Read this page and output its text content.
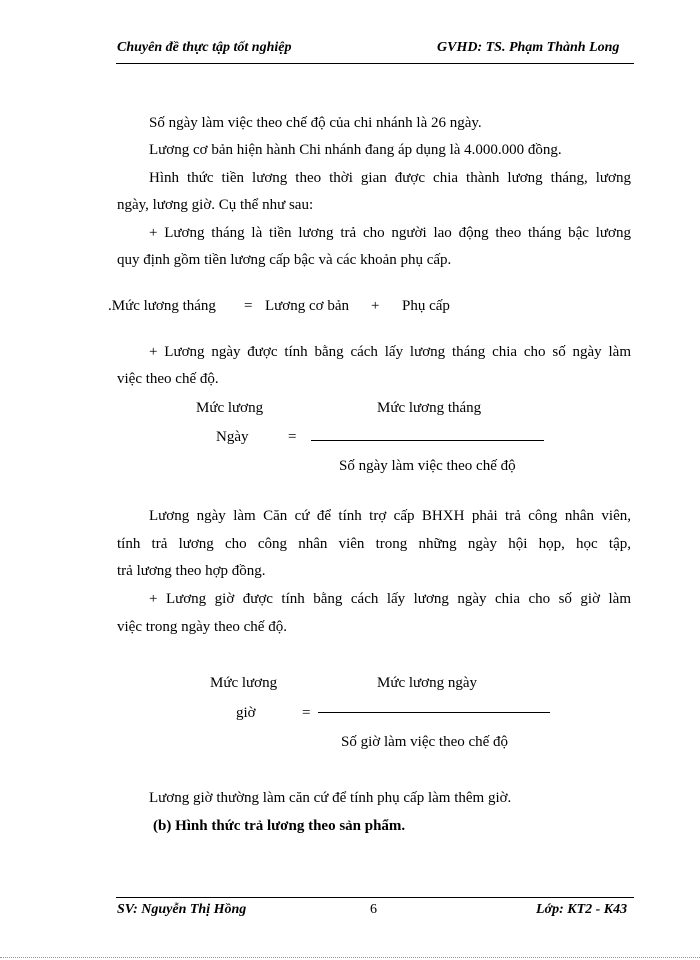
Chuyên đề thực tập tốt nghiệp	GVHD: TS. Phạm Thành Long
Số ngày làm việc theo chế độ của chi nhánh là 26 ngày.
Lương cơ bản hiện hành Chi nhánh đang áp dụng là 4.000.000 đồng.
Hình thức tiền lương theo thời gian được chia thành lương tháng, lương
ngày, lương giờ. Cụ thể như sau:
+ Lương tháng là tiền lương trả cho người lao động theo tháng bậc lương
quy định gồm tiền lương cấp bậc và các khoản phụ cấp.
.Mức lương tháng = Lương cơ bản + Phụ cấp
+ Lương ngày được tính bằng cách lấy lương tháng chia cho số ngày làm
việc theo chế độ.
Mức lương	Mức lương tháng
Ngày	=
Số ngày làm việc theo chế độ
Lương ngày làm Căn cứ để tính trợ cấp BHXH phải trả công nhân viên,
tính trả lương cho công nhân viên trong những ngày hội họp, học tập,
trả lương theo hợp đồng.
+ Lương giờ được tính bằng cách lấy lương ngày chia cho số giờ làm
việc trong ngày theo chế độ.
Mức lương	Mức lương ngày
giờ	=
Số giờ làm việc theo chế độ
Lương giờ thường làm căn cứ để tính phụ cấp làm thêm giờ.
(b) Hình thức trả lương theo sản phẩm.
SV: Nguyễn Thị Hồng	6	Lớp: KT2 - K43
